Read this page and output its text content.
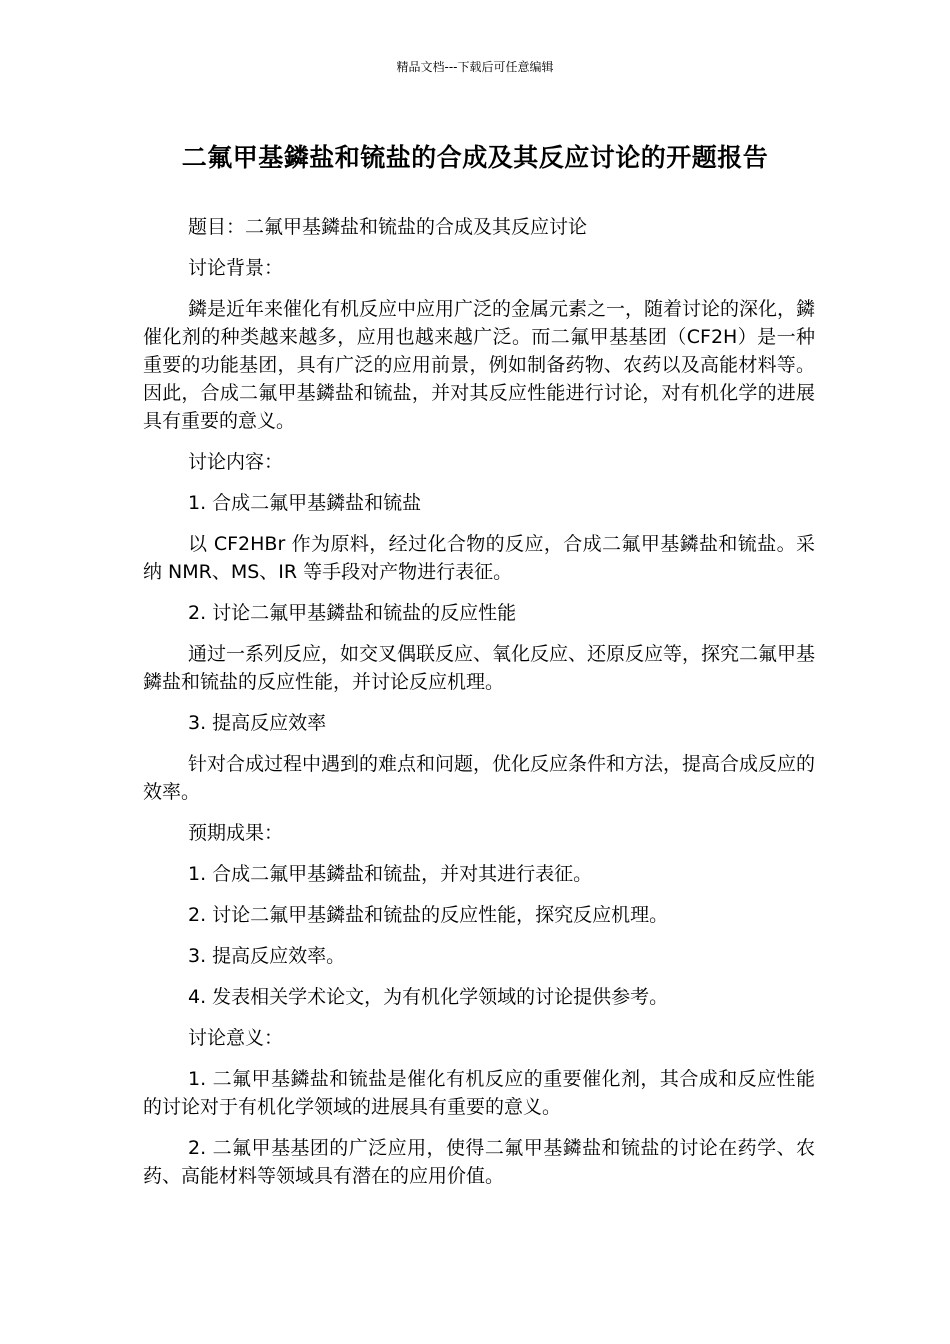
精品文档---下载后可任意编辑
二氟甲基鏻盐和锍盐的合成及其反应讨论的开题报告

题目：二氟甲基鏻盐和锍盐的合成及其反应讨论

讨论背景：

鏻是近年来催化有机反应中应用广泛的金属元素之一，随着讨论的深化，鏻催化剂的种类越来越多，应用也越来越广泛。而二氟甲基基团（CF2H）是一种重要的功能基团，具有广泛的应用前景，例如制备药物、农药以及高能材料等。因此，合成二氟甲基鏻盐和锍盐，并对其反应性能进行讨论，对有机化学的进展具有重要的意义。

讨论内容：

1. 合成二氟甲基鏻盐和锍盐

以 CF2HBr 作为原料，经过化合物的反应，合成二氟甲基鏻盐和锍盐。采纳 NMR、MS、IR 等手段对产物进行表征。

2. 讨论二氟甲基鏻盐和锍盐的反应性能

通过一系列反应，如交叉偶联反应、氧化反应、还原反应等，探究二氟甲基鏻盐和锍盐的反应性能，并讨论反应机理。

3. 提高反应效率

针对合成过程中遇到的难点和问题，优化反应条件和方法，提高合成反应的效率。

预期成果：

1. 合成二氟甲基鏻盐和锍盐，并对其进行表征。

2. 讨论二氟甲基鏻盐和锍盐的反应性能，探究反应机理。

3. 提高反应效率。

4. 发表相关学术论文，为有机化学领域的讨论提供参考。

讨论意义：

1. 二氟甲基鏻盐和锍盐是催化有机反应的重要催化剂，其合成和反应性能的讨论对于有机化学领域的进展具有重要的意义。

2. 二氟甲基基团的广泛应用，使得二氟甲基鏻盐和锍盐的讨论在药学、农药、高能材料等领域具有潜在的应用价值。
